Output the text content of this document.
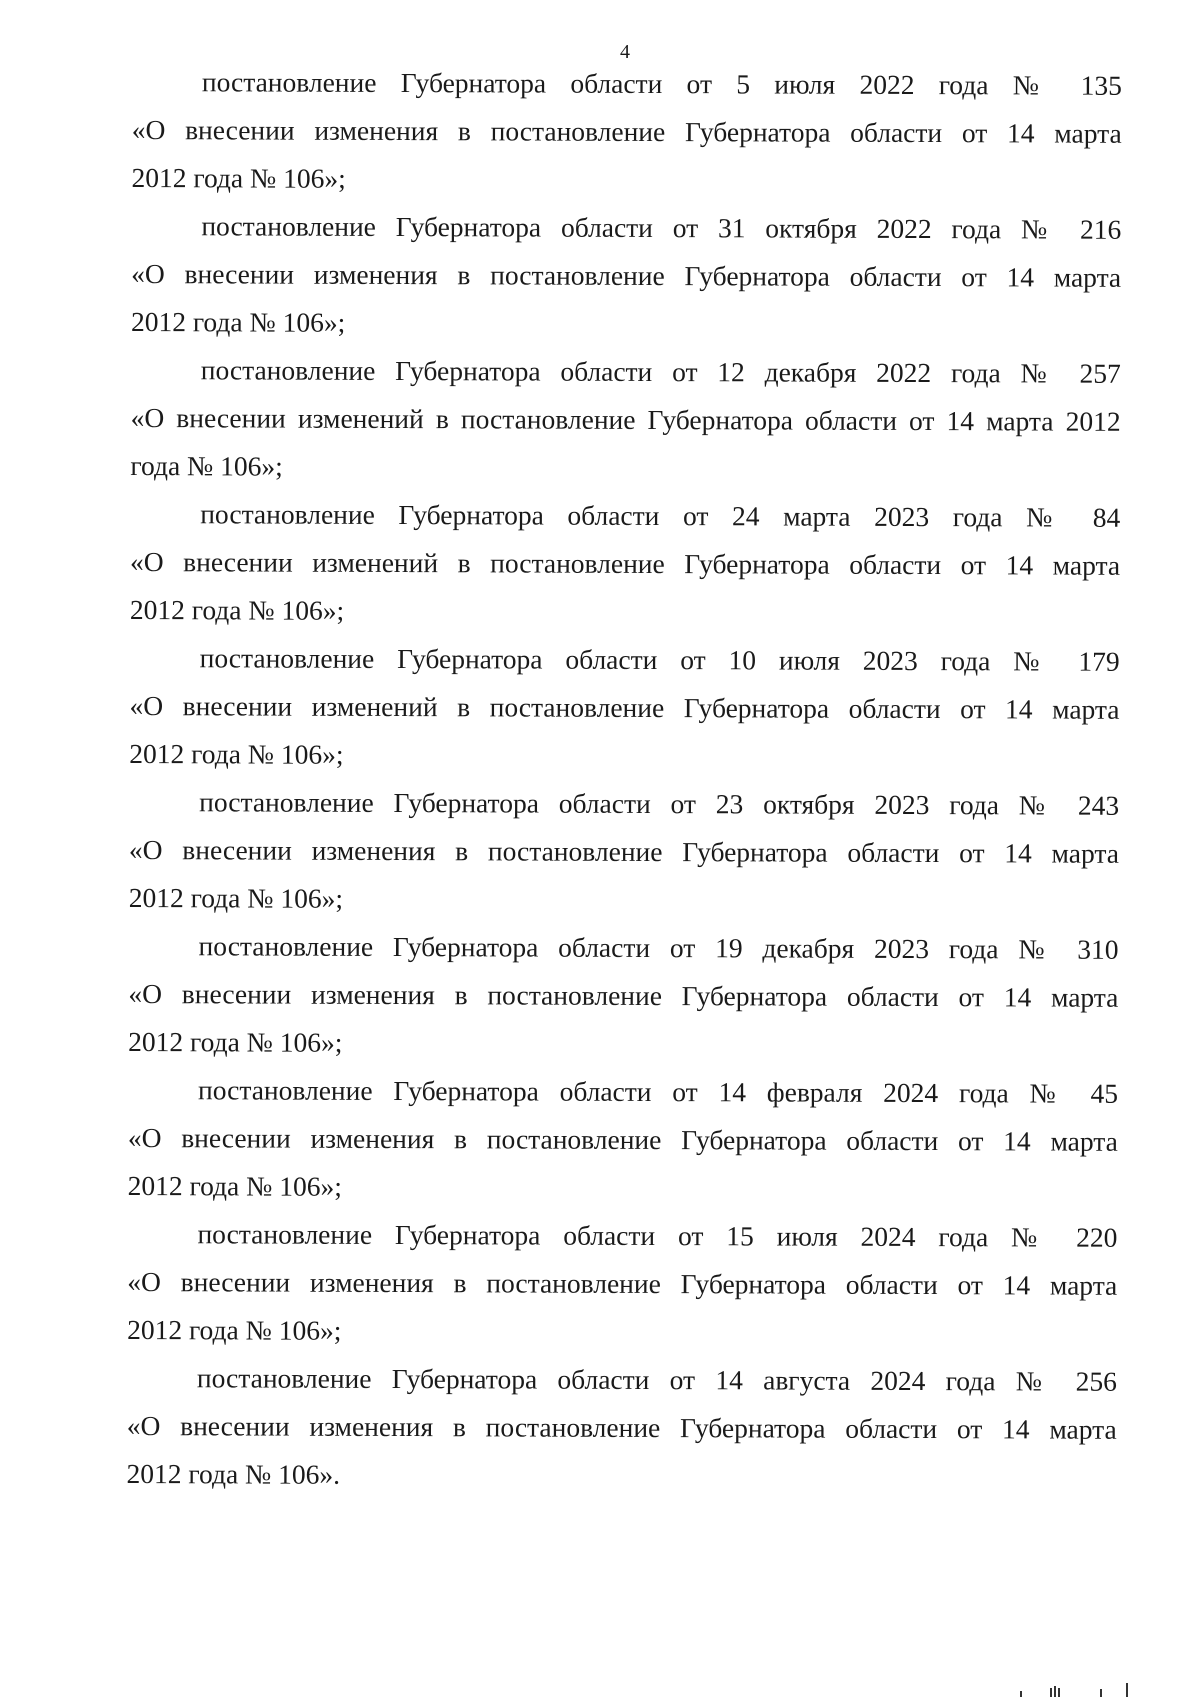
4
постановление Губернатора области от 5 июля 2022 года № 135
«О внесении изменения в постановление Губернатора области от 14 марта
2012 года № 106»;
постановление Губернатора области от 31 октября 2022 года № 216
«О внесении изменения в постановление Губернатора области от 14 марта
2012 года № 106»;
постановление Губернатора области от 12 декабря 2022 года № 257
«О внесении изменений в постановление Губернатора области от 14 марта 2012
года № 106»;
постановление Губернатора области от 24 марта 2023 года № 84
«О внесении изменений в постановление Губернатора области от 14 марта
2012 года № 106»;
постановление Губернатора области от 10 июля 2023 года № 179
«О внесении изменений в постановление Губернатора области от 14 марта
2012 года № 106»;
постановление Губернатора области от 23 октября 2023 года № 243
«О внесении изменения в постановление Губернатора области от 14 марта
2012 года № 106»;
постановление Губернатора области от 19 декабря 2023 года № 310
«О внесении изменения в постановление Губернатора области от 14 марта
2012 года № 106»;
постановление Губернатора области от 14 февраля 2024 года № 45
«О внесении изменения в постановление Губернатора области от 14 марта
2012 года № 106»;
постановление Губернатора области от 15 июля 2024 года № 220
«О внесении изменения в постановление Губернатора области от 14 марта
2012 года № 106»;
постановление Губернатора области от 14 августа 2024 года № 256
«О внесении изменения в постановление Губернатора области от 14 марта
2012 года № 106».
